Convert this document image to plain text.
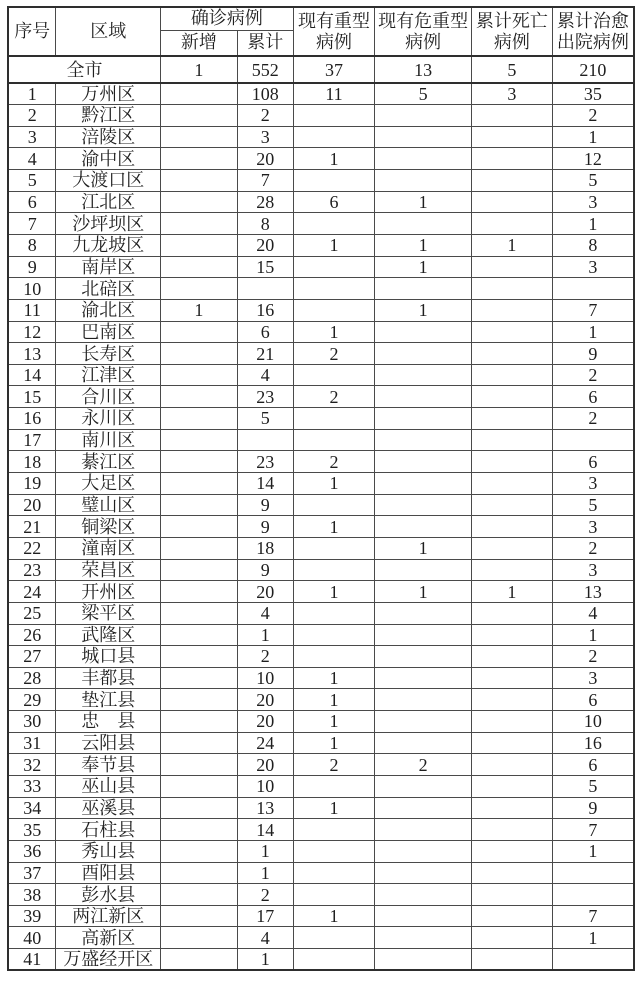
序号	区域	确诊病例		现有重型病例	现有危重型病例	累计死亡病例	累计治愈出院病例
		新增	累计				
全市		1	552	37	13	5	210
1	万州区		108	11	5	3	35
2	黔江区		2				2
3	涪陵区		3				1
4	渝中区		20	1			12
5	大渡口区		7				5
6	江北区		28	6	1		3
7	沙坪坝区		8				1
8	九龙坡区		20	1	1	1	8
9	南岸区		15		1		3
10	北碚区						
11	渝北区	1	16		1		7
12	巴南区		6	1			1
13	长寿区		21	2			9
14	江津区		4				2
15	合川区		23	2			6
16	永川区		5				2
17	南川区						
18	綦江区		23	2			6
19	大足区		14	1			3
20	璧山区		9				5
21	铜梁区		9	1			3
22	潼南区		18		1		2
23	荣昌区		9				3
24	开州区		20	1	1	1	13
25	梁平区		4				4
26	武隆区		1				1
27	城口县		2				2
28	丰都县		10	1			3
29	垫江县		20	1			6
30	忠　县		20	1			10
31	云阳县		24	1			16
32	奉节县		20	2	2		6
33	巫山县		10				5
34	巫溪县		13	1			9
35	石柱县		14				7
36	秀山县		1				1
37	酉阳县		1				
38	彭水县		2				
39	两江新区		17	1			7
40	高新区		4				1
41	万盛经开区		1				
